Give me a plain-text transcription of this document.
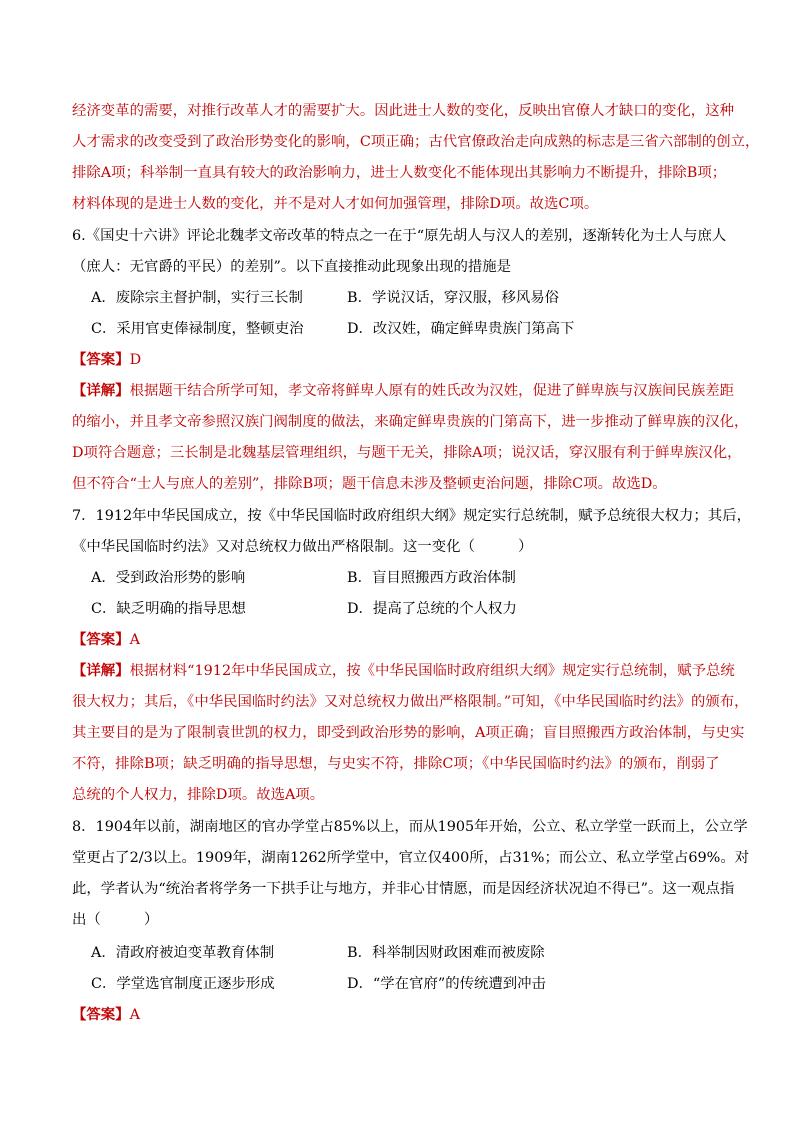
经济变革的需要，对推行改革人才的需要扩大。因此进士人数的变化，反映出官僚人才缺口的变化，这种
人才需求的改变受到了政治形势变化的影响，C项正确；古代官僚政治走向成熟的标志是三省六部制的创立，
排除A项；科举制一直具有较大的政治影响力，进士人数变化不能体现出其影响力不断提升，排除B项；
材料体现的是进士人数的变化，并不是对人才如何加强管理，排除D项。故选C项。
6.《国史十六讲》评论北魏孝文帝改革的特点之一在于“原先胡人与汉人的差别，逐渐转化为士人与庶人
（庶人：无官爵的平民）的差别”。以下直接推动此现象出现的措施是
A．废除宗主督护制，实行三长制	B．学说汉话，穿汉服，移风易俗
C．采用官吏俸禄制度，整顿吏治	D．改汉姓，确定鲜卑贵族门第高下
【答案】D
【详解】根据题干结合所学可知，孝文帝将鲜卑人原有的姓氏改为汉姓，促进了鲜卑族与汉族间民族差距
的缩小，并且孝文帝参照汉族门阀制度的做法，来确定鲜卑贵族的门第高下，进一步推动了鲜卑族的汉化，
D项符合题意；三长制是北魏基层管理组织，与题干无关，排除A项；说汉话，穿汉服有利于鲜卑族汉化，
但不符合“士人与庶人的差别”，排除B项；题干信息未涉及整顿吏治问题，排除C项。故选D。
7．1912年中华民国成立，按《中华民国临时政府组织大纲》规定实行总统制，赋予总统很大权力；其后，
《中华民国临时约法》又对总统权力做出严格限制。这一变化（　　　）
A．受到政治形势的影响	B．盲目照搬西方政治体制
C．缺乏明确的指导思想	D．提高了总统的个人权力
【答案】A
【详解】根据材料“1912年中华民国成立，按《中华民国临时政府组织大纲》规定实行总统制，赋予总统
很大权力；其后，《中华民国临时约法》又对总统权力做出严格限制。”可知，《中华民国临时约法》的颁布，
其主要目的是为了限制袁世凯的权力，即受到政治形势的影响，A项正确；盲目照搬西方政治体制，与史实
不符，排除B项；缺乏明确的指导思想，与史实不符，排除C项；《中华民国临时约法》的颁布，削弱了
总统的个人权力，排除D项。故选A项。
8．1904年以前，湖南地区的官办学堂占85%以上，而从1905年开始，公立、私立学堂一跃而上，公立学
堂更占了2/3以上。1909年，湖南1262所学堂中，官立仅400所，占31%；而公立、私立学堂占69%。对
此，学者认为“统治者将学务一下拱手让与地方，并非心甘情愿，而是因经济状况迫不得已”。这一观点指
出（　　　）
A．清政府被迫变革教育体制	B．科举制因财政困难而被废除
C．学堂选官制度正逐步形成	D．“学在官府”的传统遭到冲击
【答案】A
